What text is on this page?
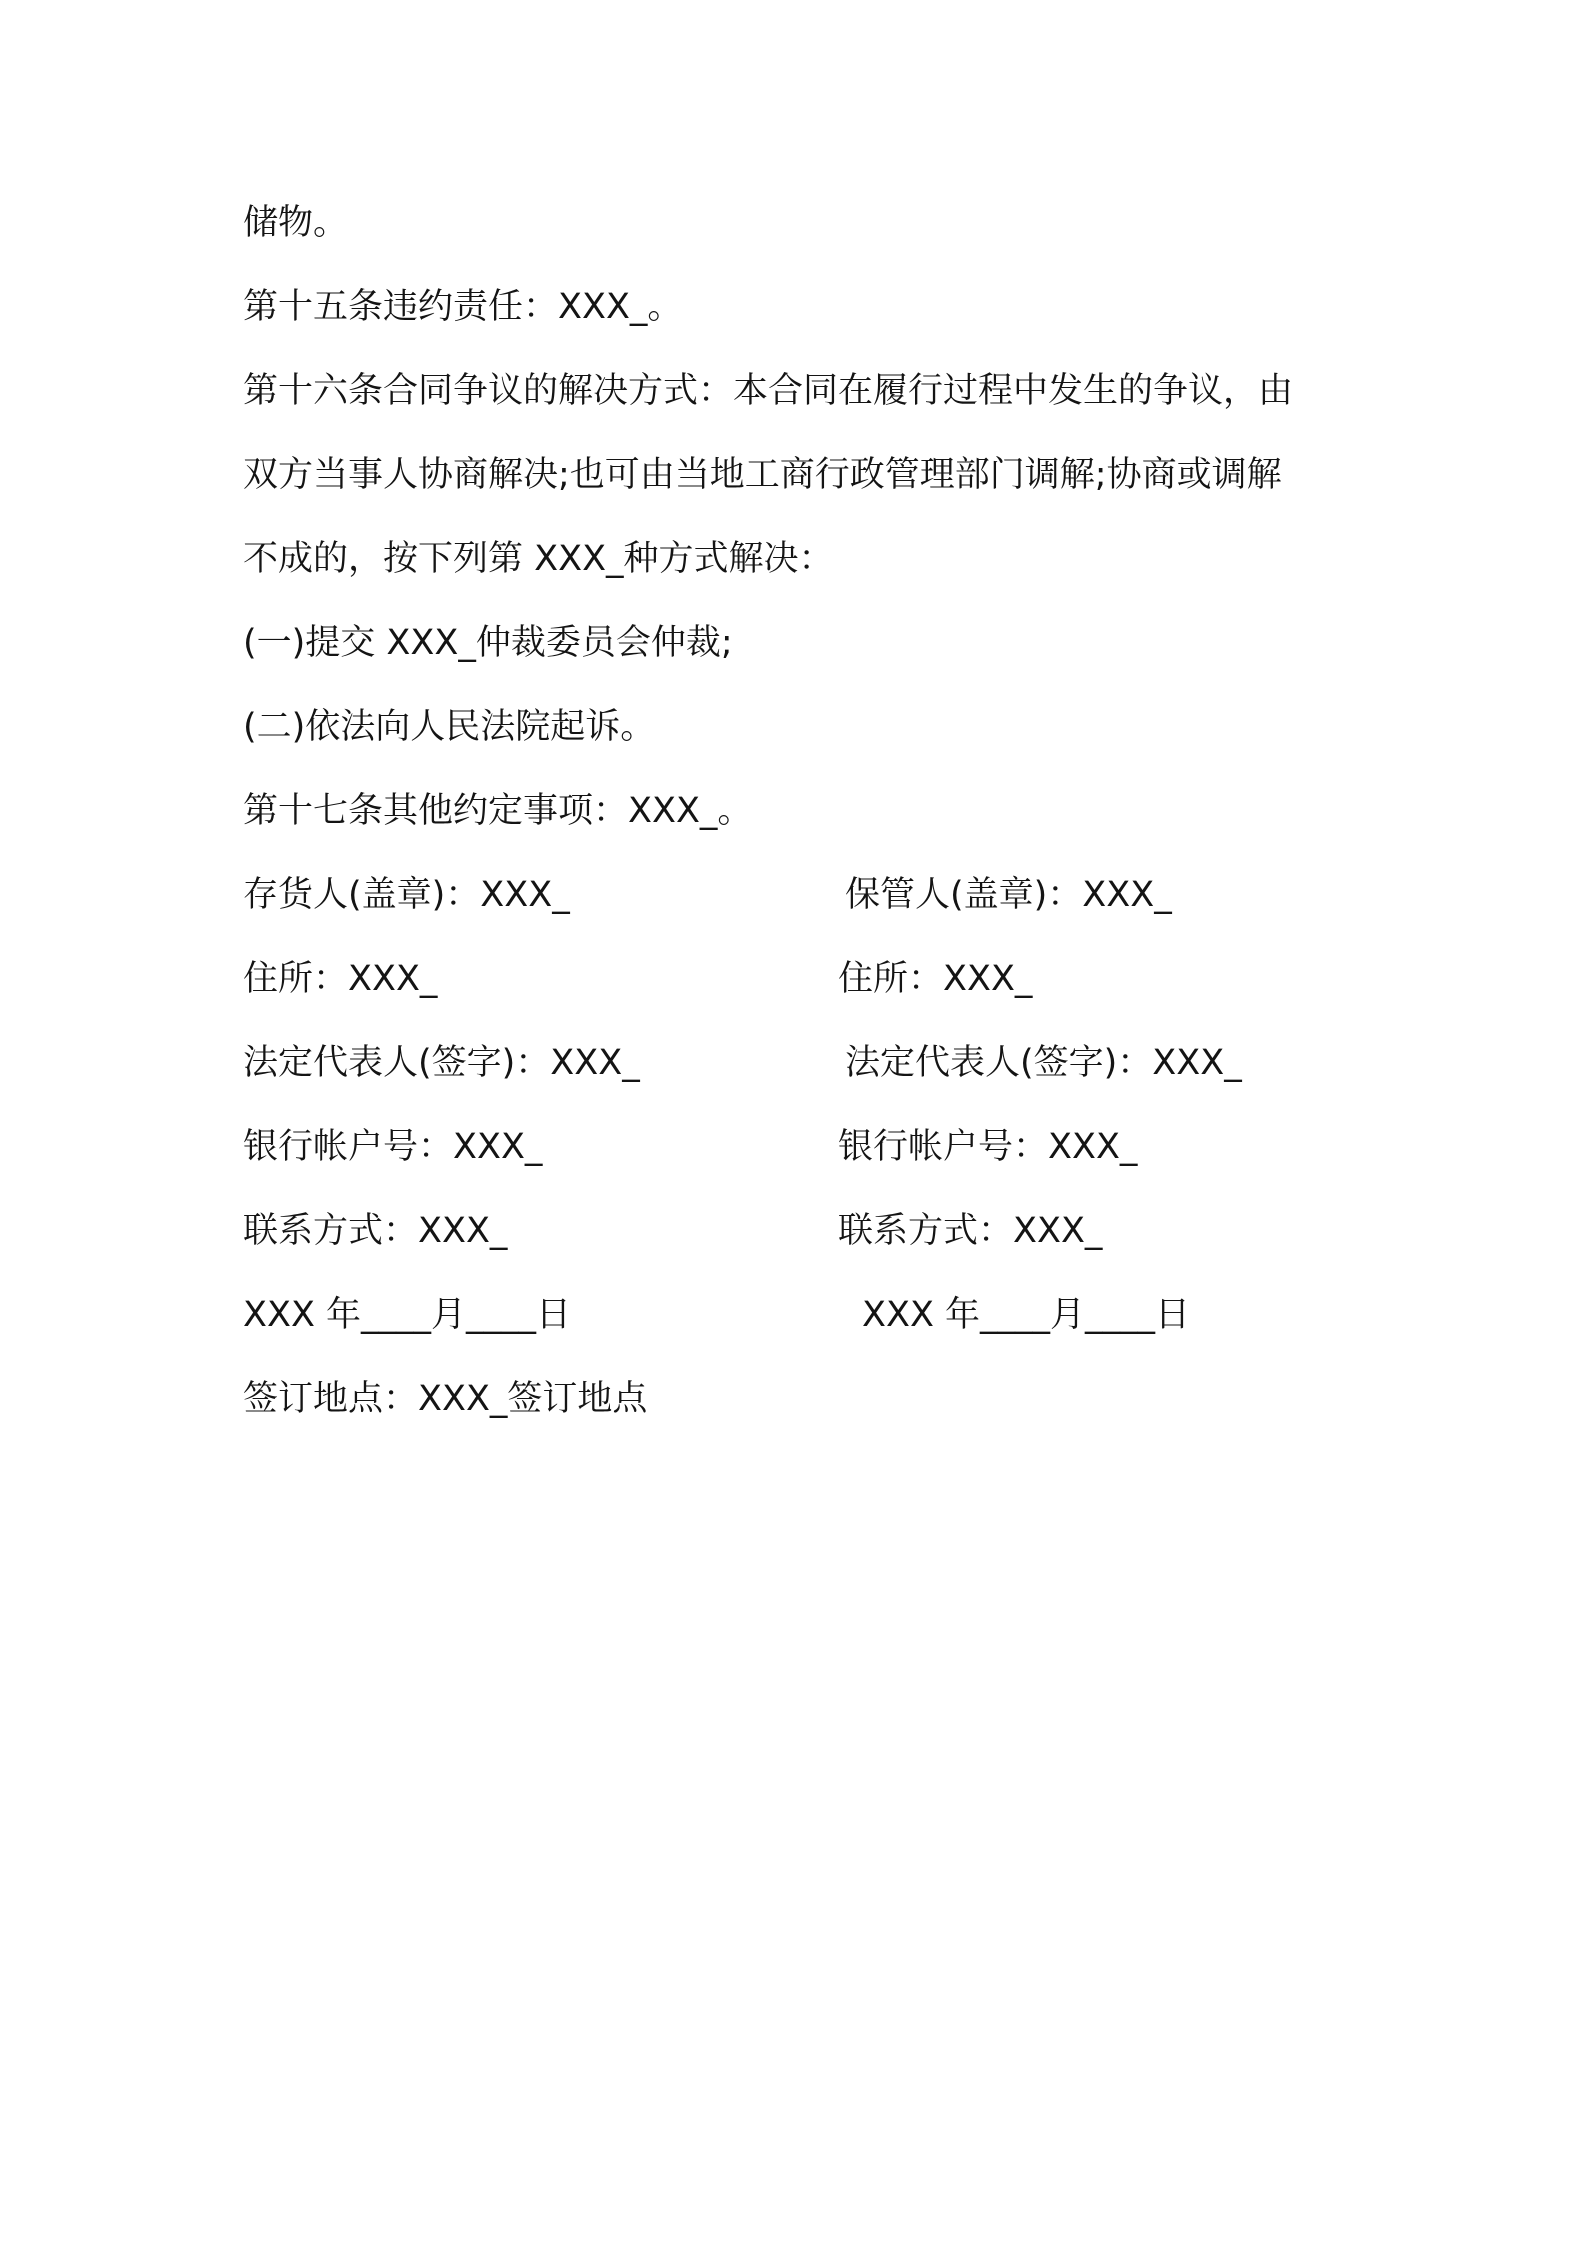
储物。
第十五条违约责任：XXX_。
第十六条合同争议的解决方式：本合同在履行过程中发生的争议，由
双方当事人协商解决;也可由当地工商行政管理部门调解;协商或调解
不成的，按下列第 XXX_种方式解决：
(一)提交 XXX_仲裁委员会仲裁;
(二)依法向人民法院起诉。
第十七条其他约定事项：XXX_。
存货人(盖章)：XXX_	保管人(盖章)：XXX_
住所：XXX_	住所：XXX_
法定代表人(签字)：XXX_	法定代表人(签字)：XXX_
银行帐户号：XXX_	银行帐户号：XXX_
联系方式：XXX_	联系方式：XXX_
XXX 年____月____日	XXX 年____月____日
签订地点：XXX_签订地点
